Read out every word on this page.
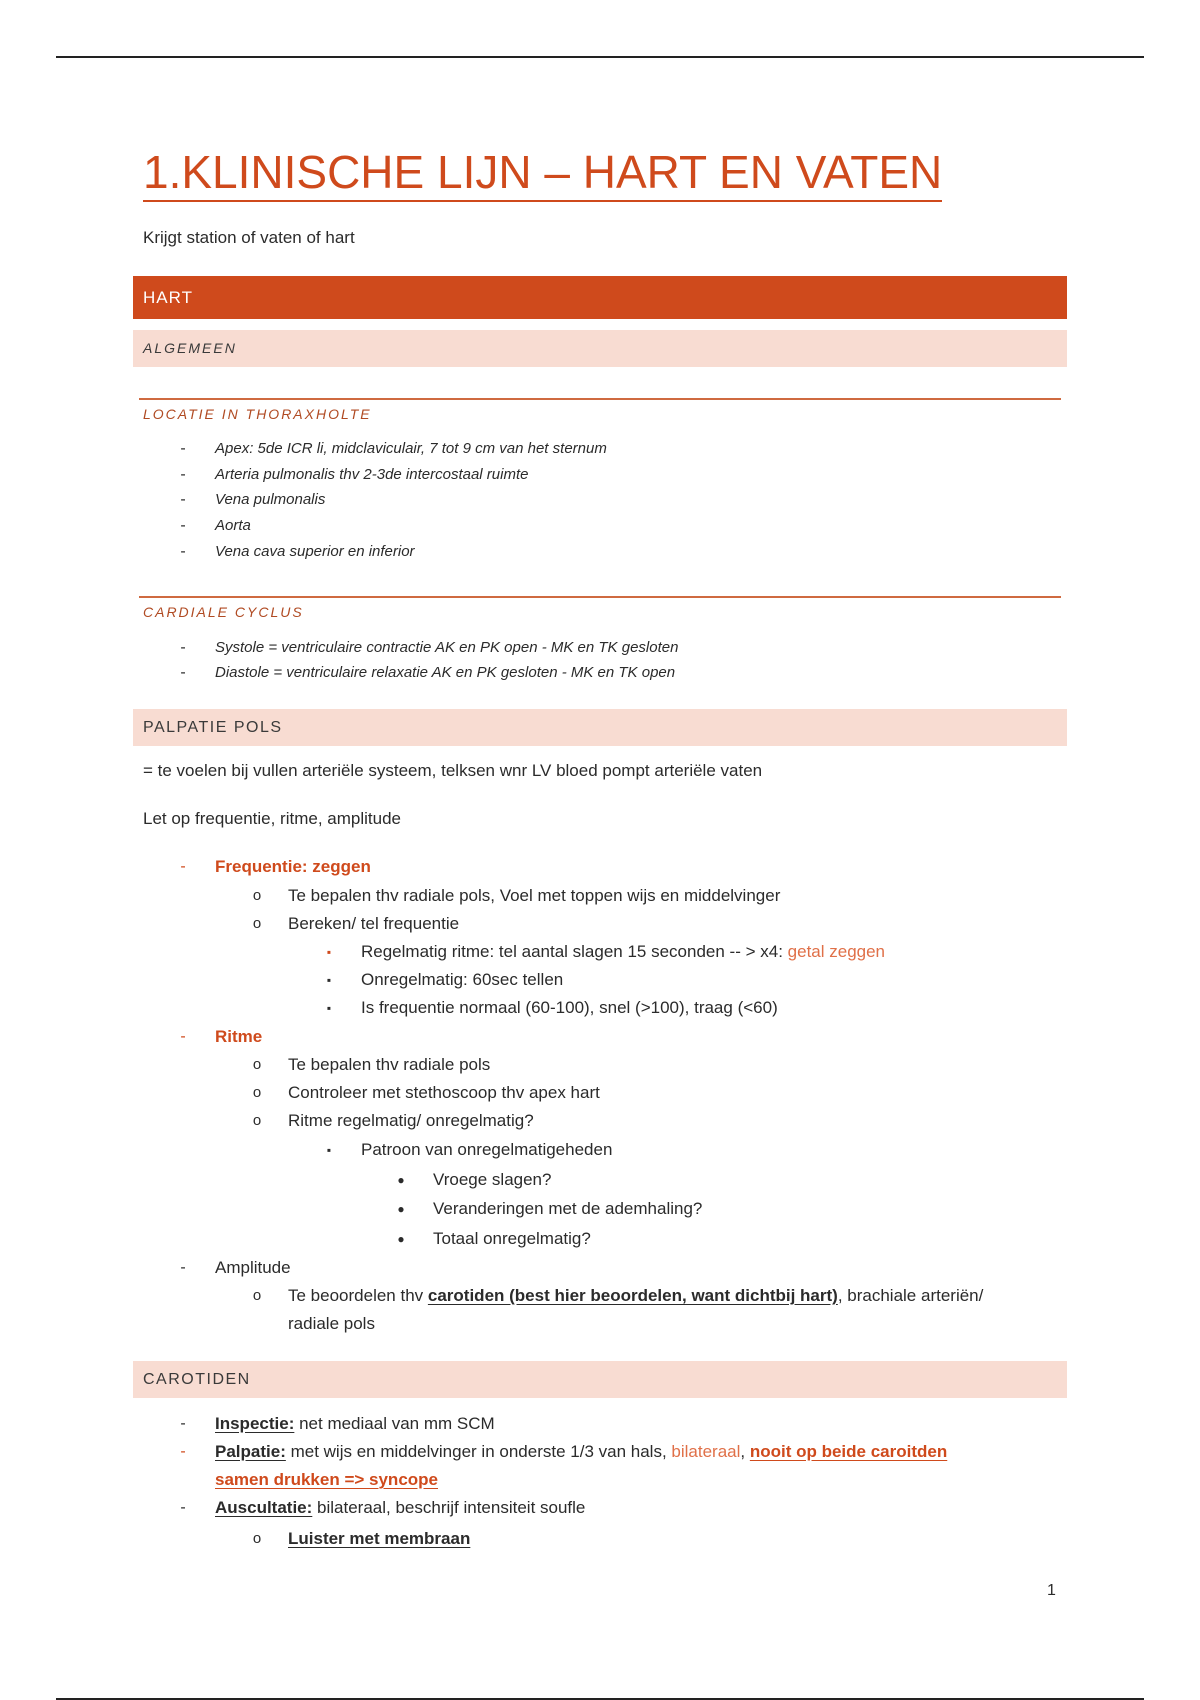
1.KLINISCHE LIJN – HART EN VATEN
Krijgt station of vaten of hart
HART
ALGEMEEN
LOCATIE IN THORAXHOLTE
-	Apex: 5de ICR li, midclaviculair, 7 tot 9 cm van het sternum
-	Arteria pulmonalis thv 2-3de intercostaal ruimte
-	Vena pulmonalis
-	Aorta
-	Vena cava superior en inferior
CARDIALE CYCLUS
-	Systole = ventriculaire contractie AK en PK open - MK en TK gesloten
-	Diastole = ventriculaire relaxatie AK en PK gesloten - MK en TK open
PALPATIE POLS
= te voelen bij vullen arteriële systeem, telksen wnr LV bloed pompt arteriële vaten
Let op frequentie, ritme, amplitude
-	Frequentie: zeggen
o	Te bepalen thv radiale pols, Voel met toppen wijs en middelvinger
o	Bereken/ tel frequentie
▪	Regelmatig ritme: tel aantal slagen 15 seconden -- > x4: getal zeggen
▪	Onregelmatig: 60sec tellen
▪	Is frequentie normaal (60-100), snel (>100), traag (<60)
-	Ritme
o	Te bepalen thv radiale pols
o	Controleer met stethoscoop thv apex hart
o	Ritme regelmatig/ onregelmatig?
▪	Patroon van onregelmatigeheden
●	Vroege slagen?
●	Veranderingen met de ademhaling?
●	Totaal onregelmatig?
-	Amplitude
o	Te beoordelen thv carotiden (best hier beoordelen, want dichtbij hart), brachiale arteriën/
radiale pols
CAROTIDEN
-	Inspectie: net mediaal van mm SCM
-	Palpatie: met wijs en middelvinger in onderste 1/3 van hals, bilateraal, nooit op beide caroitden
samen drukken => syncope
-	Auscultatie: bilateraal, beschrijf intensiteit soufle
o	Luister met membraan
1
